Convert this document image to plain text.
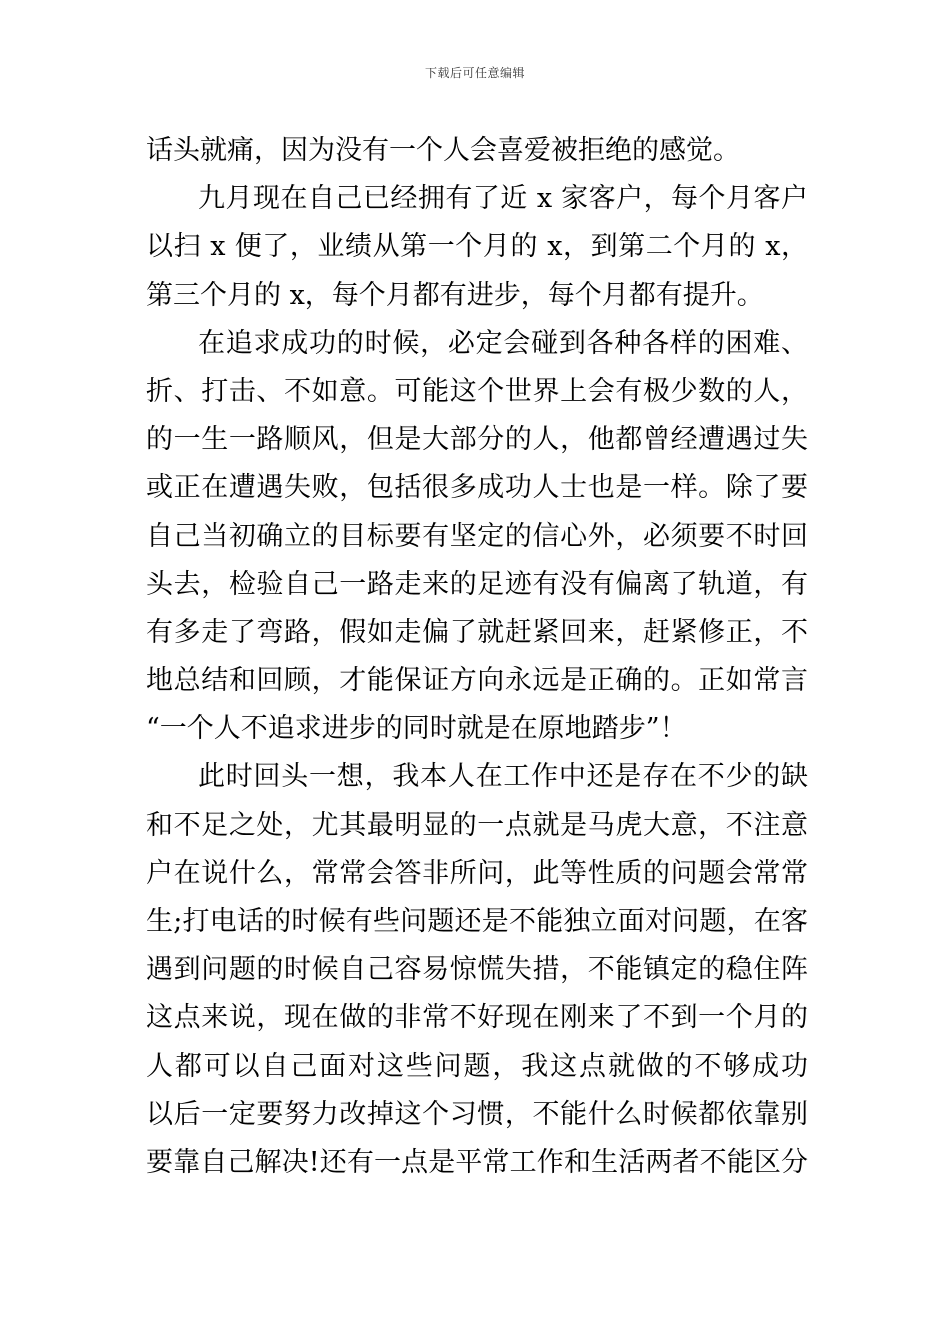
下载后可任意编辑
话头就痛，因为没有一个人会喜爱被拒绝的感觉。
九月现在自己已经拥有了近 x 家客户，每个月客户
以扫 x 便了，业绩从第一个月的 x，到第二个月的 x，
第三个月的 x，每个月都有进步，每个月都有提升。
在追求成功的时候，必定会碰到各种各样的困难、
折、打击、不如意。可能这个世界上会有极少数的人，
的一生一路顺风，但是大部分的人，他都曾经遭遇过失
或正在遭遇失败，包括很多成功人士也是一样。除了要
自己当初确立的目标要有坚定的信心外，必须要不时回
头去，检验自己一路走来的足迹有没有偏离了轨道，有
有多走了弯路，假如走偏了就赶紧回来，赶紧修正，不
地总结和回顾，才能保证方向永远是正确的。正如常言
“一个人不追求进步的同时就是在原地踏步”！
此时回头一想，我本人在工作中还是存在不少的缺
和不足之处，尤其最明显的一点就是马虎大意，不注意
户在说什么，常常会答非所问，此等性质的问题会常常
生;打电话的时候有些问题还是不能独立面对问题，在客
遇到问题的时候自己容易惊慌失措，不能镇定的稳住阵
这点来说，现在做的非常不好现在刚来了不到一个月的
人都可以自己面对这些问题，我这点就做的不够成功
以后一定要努力改掉这个习惯，不能什么时候都依靠别
要靠自己解决!还有一点是平常工作和生活两者不能区分
